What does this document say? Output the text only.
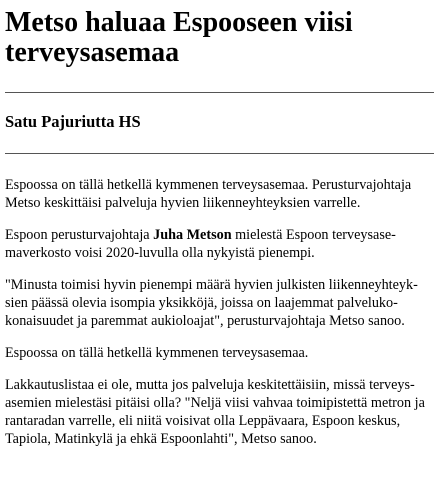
Metso haluaa Espooseen viisi terveysasemaa
Satu Pajuriutta HS

Espoossa on tällä hetkellä kymmenen terveysasemaa. Perusturvajohtaja Metso keskittäisi palveluja hyvien liikenneyhteyksien varrelle.

Espoon perusturvajohtaja Juha Metson mielestä Espoon terveysasemaverkosto voisi 2020-luvulla olla nykyistä pienempi.

"Minusta toimisi hyvin pienempi määrä hyvien julkisten liikenneyhteyksien päässä olevia isompia yksikköjä, joissa on laajemmat palvelukokonaisuudet ja paremmat aukioloajat", perusturvajohtaja Metso sanoo.

Espoossa on tällä hetkellä kymmenen terveysasemaa.

Lakkautuslistaa ei ole, mutta jos palveluja keskitettäisiin, missä terveysasemien mielestäsi pitäisi olla? "Neljä viisi vahvaa toimipistettä metron ja rantaradan varrelle, eli niitä voisivat olla Leppävaara, Espoon keskus, Tapiola, Matinkylä ja ehkä Espoonlahti", Metso sanoo.
